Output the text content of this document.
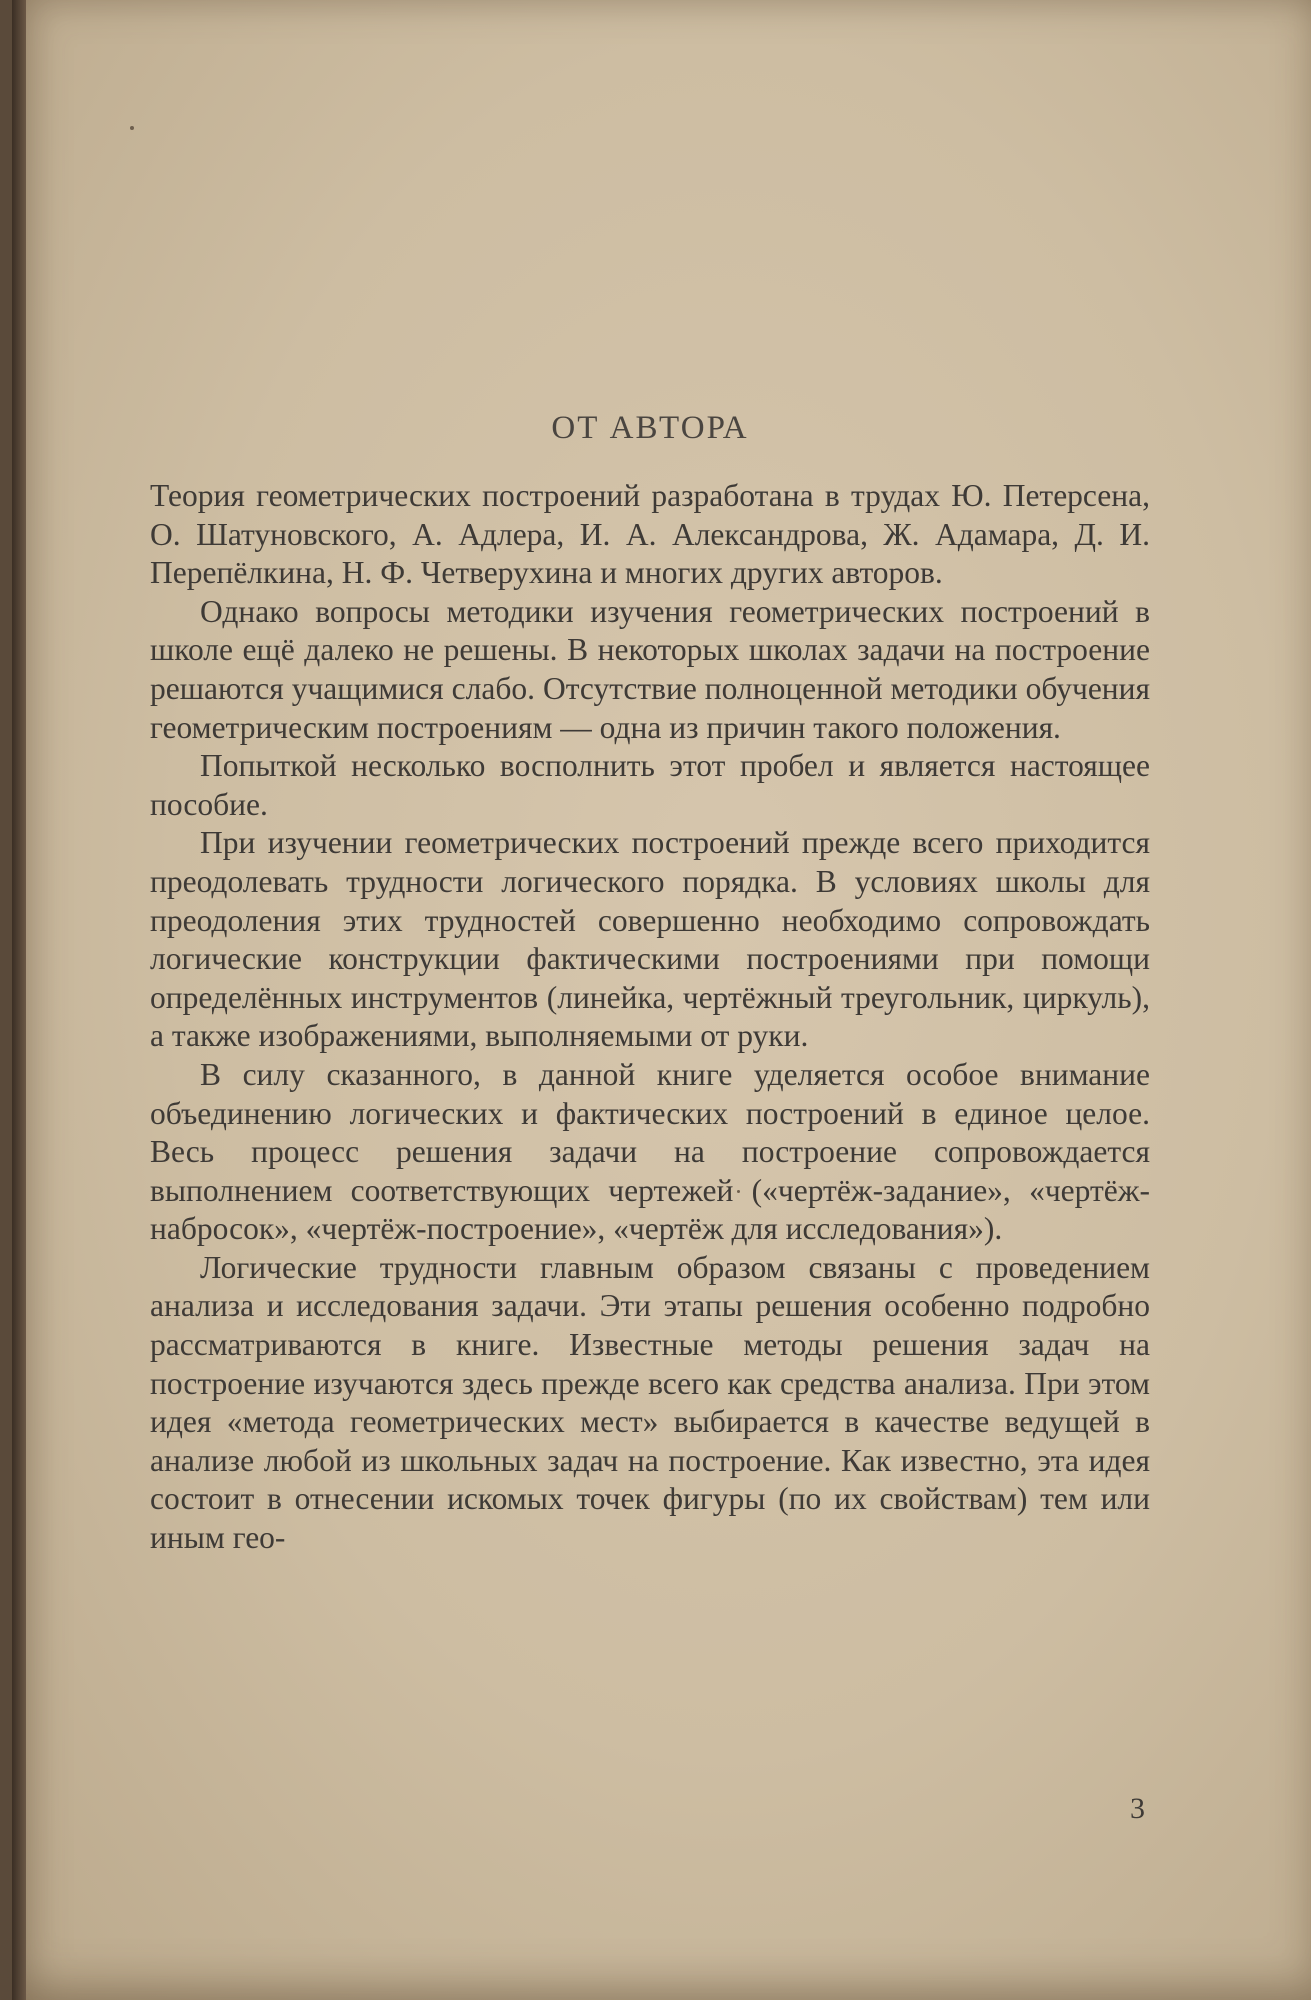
ОТ АВТОРА

Теория геометрических построений разработана в трудах Ю. Петерсена, О. Шатуновского, А. Адлера, И. А. Александрова, Ж. Адамара, Д. И. Перепёлкина, Н. Ф. Четверухина и многих других авторов.

Однако вопросы методики изучения геометрических построений в школе ещё далеко не решены. В некоторых школах задачи на построение решаются учащимися слабо. Отсутствие полноценной методики обучения геометрическим построениям — одна из причин такого положения.

Попыткой несколько восполнить этот пробел и является настоящее пособие.

При изучении геометрических построений прежде всего приходится преодолевать трудности логического порядка. В условиях школы для преодоления этих трудностей совершенно необходимо сопровождать логические конструкции фактическими построениями при помощи определённых инструментов (линейка, чертёжный треугольник, циркуль), а также изображениями, выполняемыми от руки.

В силу сказанного, в данной книге уделяется особое внимание объединению логических и фактических построений в единое целое. Весь процесс решения задачи на построение сопровождается выполнением соответствующих чертежей («чертёж-задание», «чертёж-набросок», «чертёж-построение», «чертёж для исследования»).

Логические трудности главным образом связаны с проведением анализа и исследования задачи. Эти этапы решения особенно подробно рассматриваются в книге. Известные методы решения задач на построение изучаются здесь прежде всего как средства анализа. При этом идея «метода геометрических мест» выбирается в качестве ведущей в анализе любой из школьных задач на построение. Как известно, эта идея состоит в отнесении искомых точек фигуры (по их свойствам) тем или иным гео-

3
